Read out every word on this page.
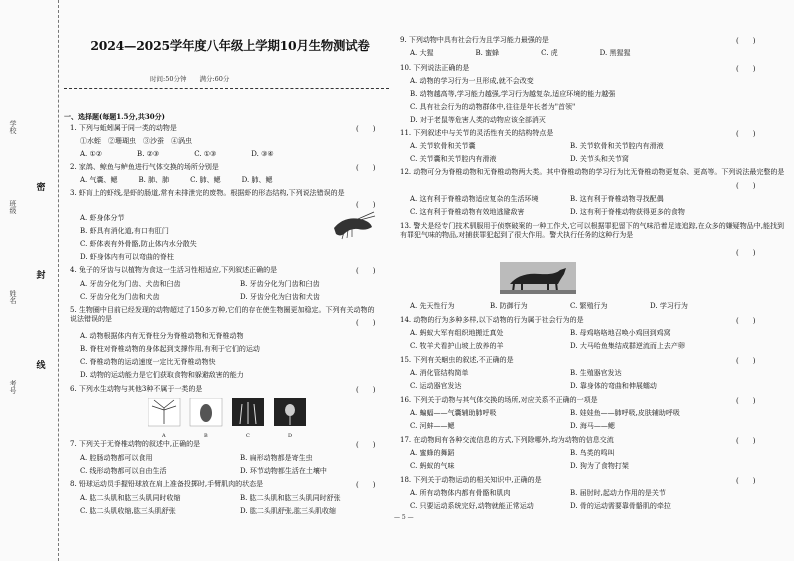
学校
班级
姓名
考号
密
封
线
2024—2025学年度八年级上学期10月生物测试卷
时间:50分钟　　满分:60分
一、选择题(每题1.5分,共30分)
1. 下列与蚯蚓属于同一类的动物是	(　　)
①水蛭　②珊瑚虫　③沙蚕　④涡虫
A. ①②　　　　　B. ②③　　　　　C. ①③　　　　　D. ③④
2. 家鸽、鲸鱼与鲈鱼进行气体交换的场所分别是	(　　)
A. 气囊、鳃　　　B. 肺、肺　　　C. 肺、鳃　　　D. 肺、鳃
3. 虾肓上的虾线,是虾的肠道,常有未排泄完的废物。根据虾的形态结构,下列说法错误的是
(　　)
A. 虾身体分节
B. 虾具有消化道,有口有肛门
C. 虾体表有外骨骼,防止体内水分散失
D. 虾身体内有可以弯曲的脊柱
4. 兔子的牙齿与以植物为食这一生活习性相适应,下列叙述正确的是	(　　)
A. 牙齿分化为门齿、犬齿和臼齿	B. 牙齿分化为门齿和臼齿
C. 牙齿分化为门齿和犬齿	D. 牙齿分化为臼齿和犬齿
5. 生物圈中目前已经发现的动物超过了150多万种,它们的存在使生物圈更加稳定。下列有关动物的说法错误的是	(　　)
A. 动物根据体内有无脊柱分为脊椎动物和无脊椎动物
B. 脊柱对脊椎动物的身体起到支撑作用,有利于它们的运动
C. 脊椎动物的运动速度一定比无脊椎动物快
D. 动物的运动能力是它们获取食物和躲避敌害的能力
6. 下列水生动物与其他3种不属于一类的是	(　　)
A	B	C	D
7. 下列关于无脊椎动物的叙述中,正确的是	(　　)
A. 腔肠动物都可以食用	B. 扁形动物都是寄生虫
C. 线形动物都可以自由生活	D. 环节动物都生活在土壤中
8. 铅球运动员手握铅球放在肩上准备投掷时,手臂肌肉的状态是	(　　)
A. 肱二头肌和肱三头肌同时收缩	B. 肱二头肌和肱三头肌同时舒张
C. 肱二头肌收缩,肱三头肌舒张	D. 肱二头肌舒张,肱三头肌收缩
9. 下列动物中具有社会行为且学习能力最强的是	(　　)
A. 大猩　　　　　　B. 蜜蜂　　　　　　C. 虎　　　　　　D. 黑猩猩
10. 下列说法正确的是	(　　)
A. 动物的学习行为一旦形成,就不会改变
B. 动物越高等,学习能力越强,学习行为越复杂,适应环境的能力越强
C. 具有社会行为的动物群体中,往往是年长者为"首领"
D. 对于老鼠等危害人类的动物应该全部消灭
11. 下列叙述中与关节的灵活性有关的结构特点是	(　　)
A. 关节软骨和关节囊	B. 关节软骨和关节腔内有滑液
C. 关节囊和关节腔内有滑液	D. 关节头和关节窝
12. 动物可分为脊椎动物和无脊椎动物两大类。其中脊椎动物的学习行为比无脊椎动物更复杂、更高等。下列说法最完整的是
(　　)
A. 这有利于脊椎动物适应复杂的生活环境	B. 这有利于脊椎动物寻找配偶
C. 这有利于脊椎动物有效地逃避敌害	D. 这有利于脊椎动物获得更多的食物
13. 警犬是经专门技术驯服用于侦察破案的一种工作犬,它可以根据罪犯留下的气味沿着足迹追踪,在众多的嫌疑物品中,能找到有罪犯气味的物品,对捕获罪犯起到了很大作用。警犬执行任务的这种行为是
(　　)
A. 先天性行为	B. 防御行为	C. 繁殖行为	D. 学习行为
14. 动物的行为多种多样,以下动物的行为属于社会行为的是	(　　)
A. 蚂蚁大军有组织地搬迁真处	B. 母鸡咯咯地召唤小鸡回到鸡窝
C. 牧羊犬看护山坡上放养的羊	D. 大马哈鱼集结成群逆流而上去产卵
15. 下列有关蛔虫的叙述,不正确的是	(　　)
A. 消化管结构简单	B. 生殖器官发达
C. 运动器官发达	D. 靠身体的弯曲和伸展蠕动
16. 下列关于动物与其气体交换的场所,对应关系不正确的一项是	(　　)
A. 蝙蝠——气囊辅助肺呼吸	B. 娃娃鱼——肺呼吸,皮肤辅助呼吸
C. 河蚌——鳃	D. 海马——鳃
17. 在动物间有各种交流信息的方式,下列除哪外,均为动物的信息交流	(　　)
A. 蜜蜂的舞蹈	B. 鸟类的鸣叫
C. 蚂蚁的气味	D. 狗为了食物打架
18. 下列关于动物运动的相关知识中,正确的是	(　　)
A. 所有动物体内都有骨骼和肌肉	B. 届肘时,起动力作用的是关节
C. 只要运动系统完好,动物就能正常运动	D. 骨的运动需要靠骨骼肌的牵拉
— 5 —
